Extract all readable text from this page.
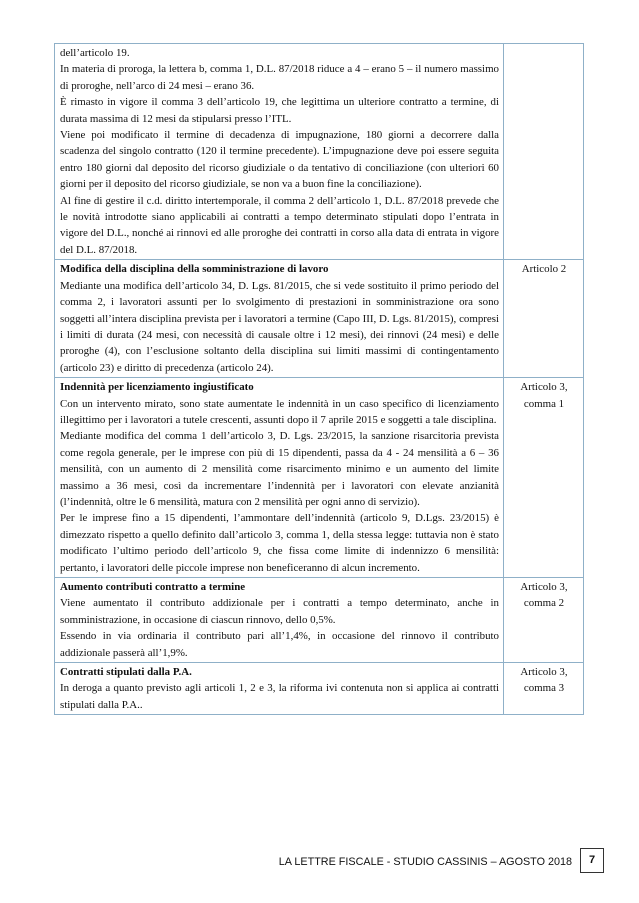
dell’articolo 19.
In materia di proroga, la lettera b, comma 1, D.L. 87/2018 riduce a 4 – erano 5 – il numero massimo di proroghe, nell’arco di 24 mesi – erano 36.
È rimasto in vigore il comma 3 dell’articolo 19, che legittima un ulteriore contratto a termine, di durata massima di 12 mesi da stipularsi presso l’ITL.
Viene poi modificato il termine di decadenza di impugnazione, 180 giorni a decorrere dalla scadenza del singolo contratto (120 il termine precedente). L’impugnazione deve poi essere seguita entro 180 giorni dal deposito del ricorso giudiziale o da tentativo di conciliazione (con ulteriori 60 giorni per il deposito del ricorso giudiziale, se non va a buon fine la conciliazione).
Al fine di gestire il c.d. diritto intertemporale, il comma 2 dell’articolo 1, D.L. 87/2018 prevede che le novità introdotte siano applicabili ai contratti a tempo determinato stipulati dopo l’entrata in vigore del D.L., nonché ai rinnovi ed alle proroghe dei contratti in corso alla data di entrata in vigore del D.L. 87/2018.	

Modifica della disciplina della somministrazione di lavoro
Mediante una modifica dell’articolo 34, D. Lgs. 81/2015, che si vede sostituito il primo periodo del comma 2, i lavoratori assunti per lo svolgimento di prestazioni in somministrazione ora sono soggetti all’intera disciplina prevista per i lavoratori a termine (Capo III, D. Lgs. 81/2015), compresi i limiti di durata (24 mesi, con necessità di causale oltre i 12 mesi), dei rinnovi (24 mesi) e delle proroghe (4), con l’esclusione soltanto della disciplina sui limiti massimi di contingentamento (articolo 23) e diritto di precedenza (articolo 24).	Articolo 2

Indennità per licenziamento ingiustificato
Con un intervento mirato, sono state aumentate le indennità in un caso specifico di licenziamento illegittimo per i lavoratori a tutele crescenti, assunti dopo il 7 aprile 2015 e soggetti a tale disciplina.
Mediante modifica del comma 1 dell’articolo 3, D. Lgs. 23/2015, la sanzione risarcitoria prevista come regola generale, per le imprese con più di 15 dipendenti, passa da 4 - 24 mensilità a 6 – 36 mensilità, con un aumento di 2 mensilità come risarcimento minimo e un aumento del limite massimo a 36 mesi, così da incrementare l’indennità per i lavoratori con elevate anzianità (l’indennità, oltre le 6 mensilità, matura con 2 mensilità per ogni anno di servizio).
Per le imprese fino a 15 dipendenti, l’ammontare dell’indennità (articolo 9, D.Lgs. 23/2015) è dimezzato rispetto a quello definito dall’articolo 3, comma 1, della stessa legge: tuttavia non è stato modificato l’ultimo periodo dell’articolo 9, che fissa come limite di indennizzo 6 mensilità: pertanto, i lavoratori delle piccole imprese non beneficeranno di alcun incremento.	Articolo 3,
comma 1

Aumento contributi contratto a termine
Viene aumentato il contributo addizionale per i contratti a tempo determinato, anche in somministrazione, in occasione di ciascun rinnovo, dello 0,5%.
Essendo in via ordinaria il contributo pari all’1,4%, in occasione del rinnovo il contributo addizionale passerà all’1,9%.	Articolo 3,
comma 2

Contratti stipulati dalla P.A.
In deroga a quanto previsto agli articoli 1, 2 e 3, la riforma ivi contenuta non si applica ai contratti stipulati dalla P.A..	Articolo 3,
comma 3
LA LETTRE FISCALE - STUDIO CASSINIS – AGOSTO 2018	7
